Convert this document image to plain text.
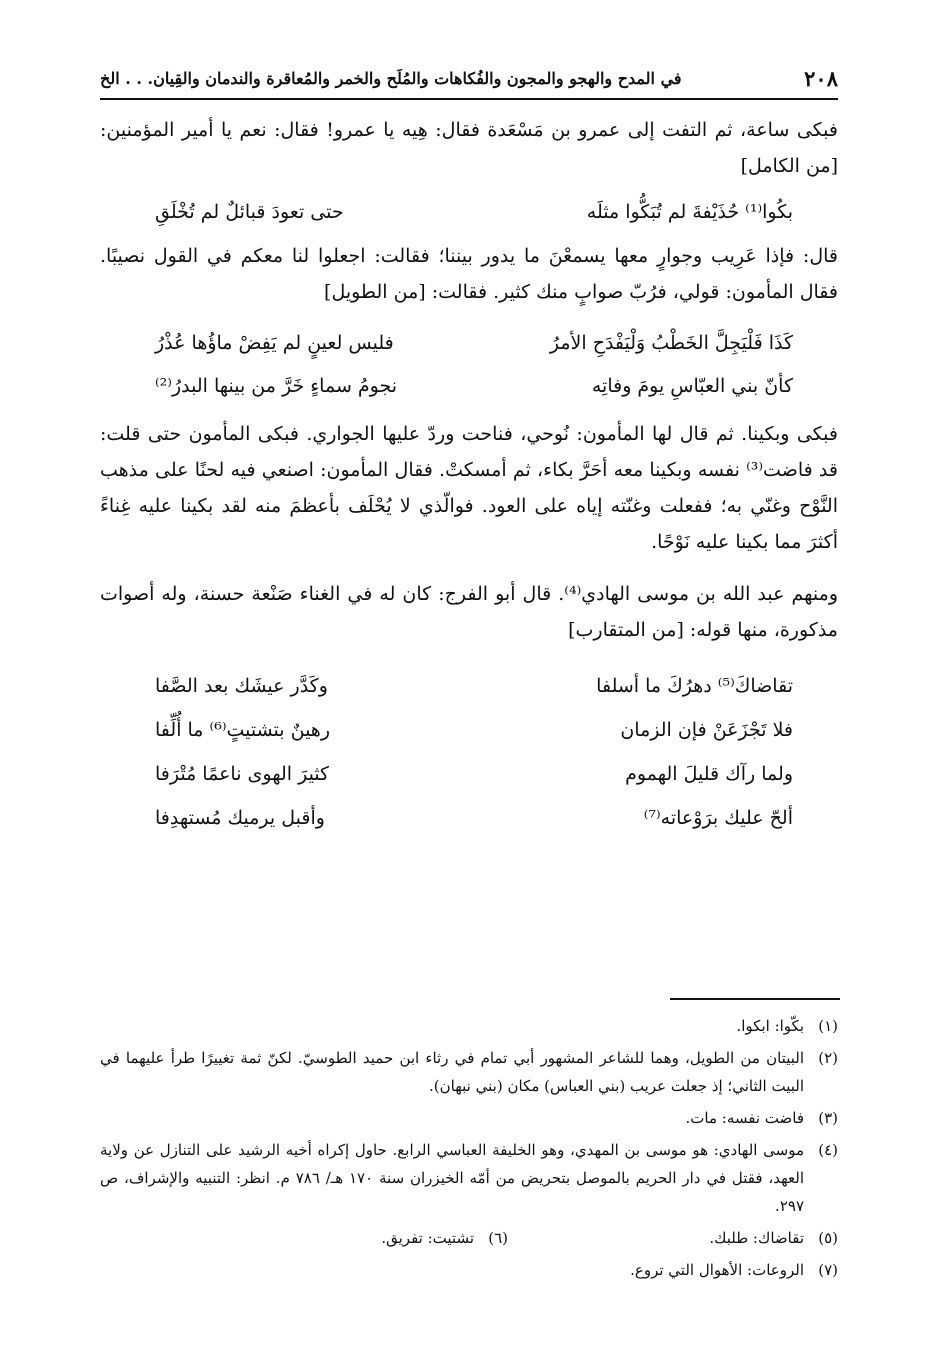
٢٠٨
في المدح والهجو والمجون والفُكاهات والمُلَح والخمر والمُعاقرة والندمان والقِيان. . . الخ

فبكى ساعة، ثم التفت إلى عمرو بن مَسْعَدة فقال: هِيه يا عمرو! فقال: نعم يا أمير المؤمنين: [من الكامل]

بكُوا⁽¹⁾ حُذَيْفةَ لم تُبَكُّوا مثلَه
حتى تعودَ قبائلٌ لم تُخْلَقِ

قال: فإذا عَرِيب وجوارٍ معها يسمعْنَ ما يدور بيننا؛ فقالت: اجعلوا لنا معكم في القول نصيبًا. فقال المأمون: قولي، فرُبّ صوابٍ منك كثير. فقالت: [من الطويل]

كَذَا فَلْيَجِلَّ الخَطْبُ وَلْيَفْدَحِ الأمرُ
فليس لعينٍ لم يَفِضْ ماؤُها عُذْرُ
كأنّ بني العبّاسِ يومَ وفاتِه
نجومُ سماءٍ خَرَّ من بينها البدرُ⁽²⁾

فبكى وبكينا. ثم قال لها المأمون: نُوحي، فناحت وردّ عليها الجواري. فبكى المأمون حتى قلت: قد فاضت⁽³⁾ نفسه وبكينا معه أحَرَّ بكاء، ثم أمسكتْ. فقال المأمون: اصنعي فيه لحنًا على مذهب النَّوْح وغنّي به؛ ففعلت وغنّته إياه على العود. فوالّذي لا يُحْلَف بأعظمَ منه لقد بكينا عليه غِناءً أكثرَ مما بكينا عليه نَوْحًا.

ومنهم عبد الله بن موسى الهادي⁽⁴⁾. قال أبو الفرج: كان له في الغناء صَنْعة حسنة، وله أصوات مذكورة، منها قوله: [من المتقارب]

تقاضاكَ⁽⁵⁾ دهرُكَ ما أسلفا
وكَدَّر عيشَك بعد الصَّفا
فلا تَجْزَعَنْ فإن الزمان
رهينٌ بتشتيتٍ⁽⁶⁾ ما أُلِّفا
ولما رآك قليلَ الهموم
كثيرَ الهوى ناعمًا مُتْرَفا
ألحّ عليك برَوْعاته⁽⁷⁾
وأقبل يرميك مُستهدِفا
(١)
بكّوا: ابكوا.
(٢)
البيتان من الطويل، وهما للشاعر المشهور أبي تمام في رثاء ابن حميد الطوسيّ. لكنّ ثمة تغييرًا طرأ عليهما في البيت الثاني؛ إذ جعلت عريب (بني العباس) مكان (بني نبهان).
(٣)
فاضت نفسه: مات.
(٤)
موسى الهادي: هو موسى بن المهدي، وهو الخليفة العباسي الرابع. حاول إكراه أخيه الرشيد على التنازل عن ولاية العهد، فقتل في دار الحريم بالموصل بتحريض من أمّه الخيزران سنة ١٧٠ هـ/ ٧٨٦ م. انظر: التنبيه والإشراف، ص ٢٩٧.
(٥)
تقاضاك: طلبك.
(٦)
تشتيت: تفريق.
(٧)
الروعات: الأهوال التي تروع.
